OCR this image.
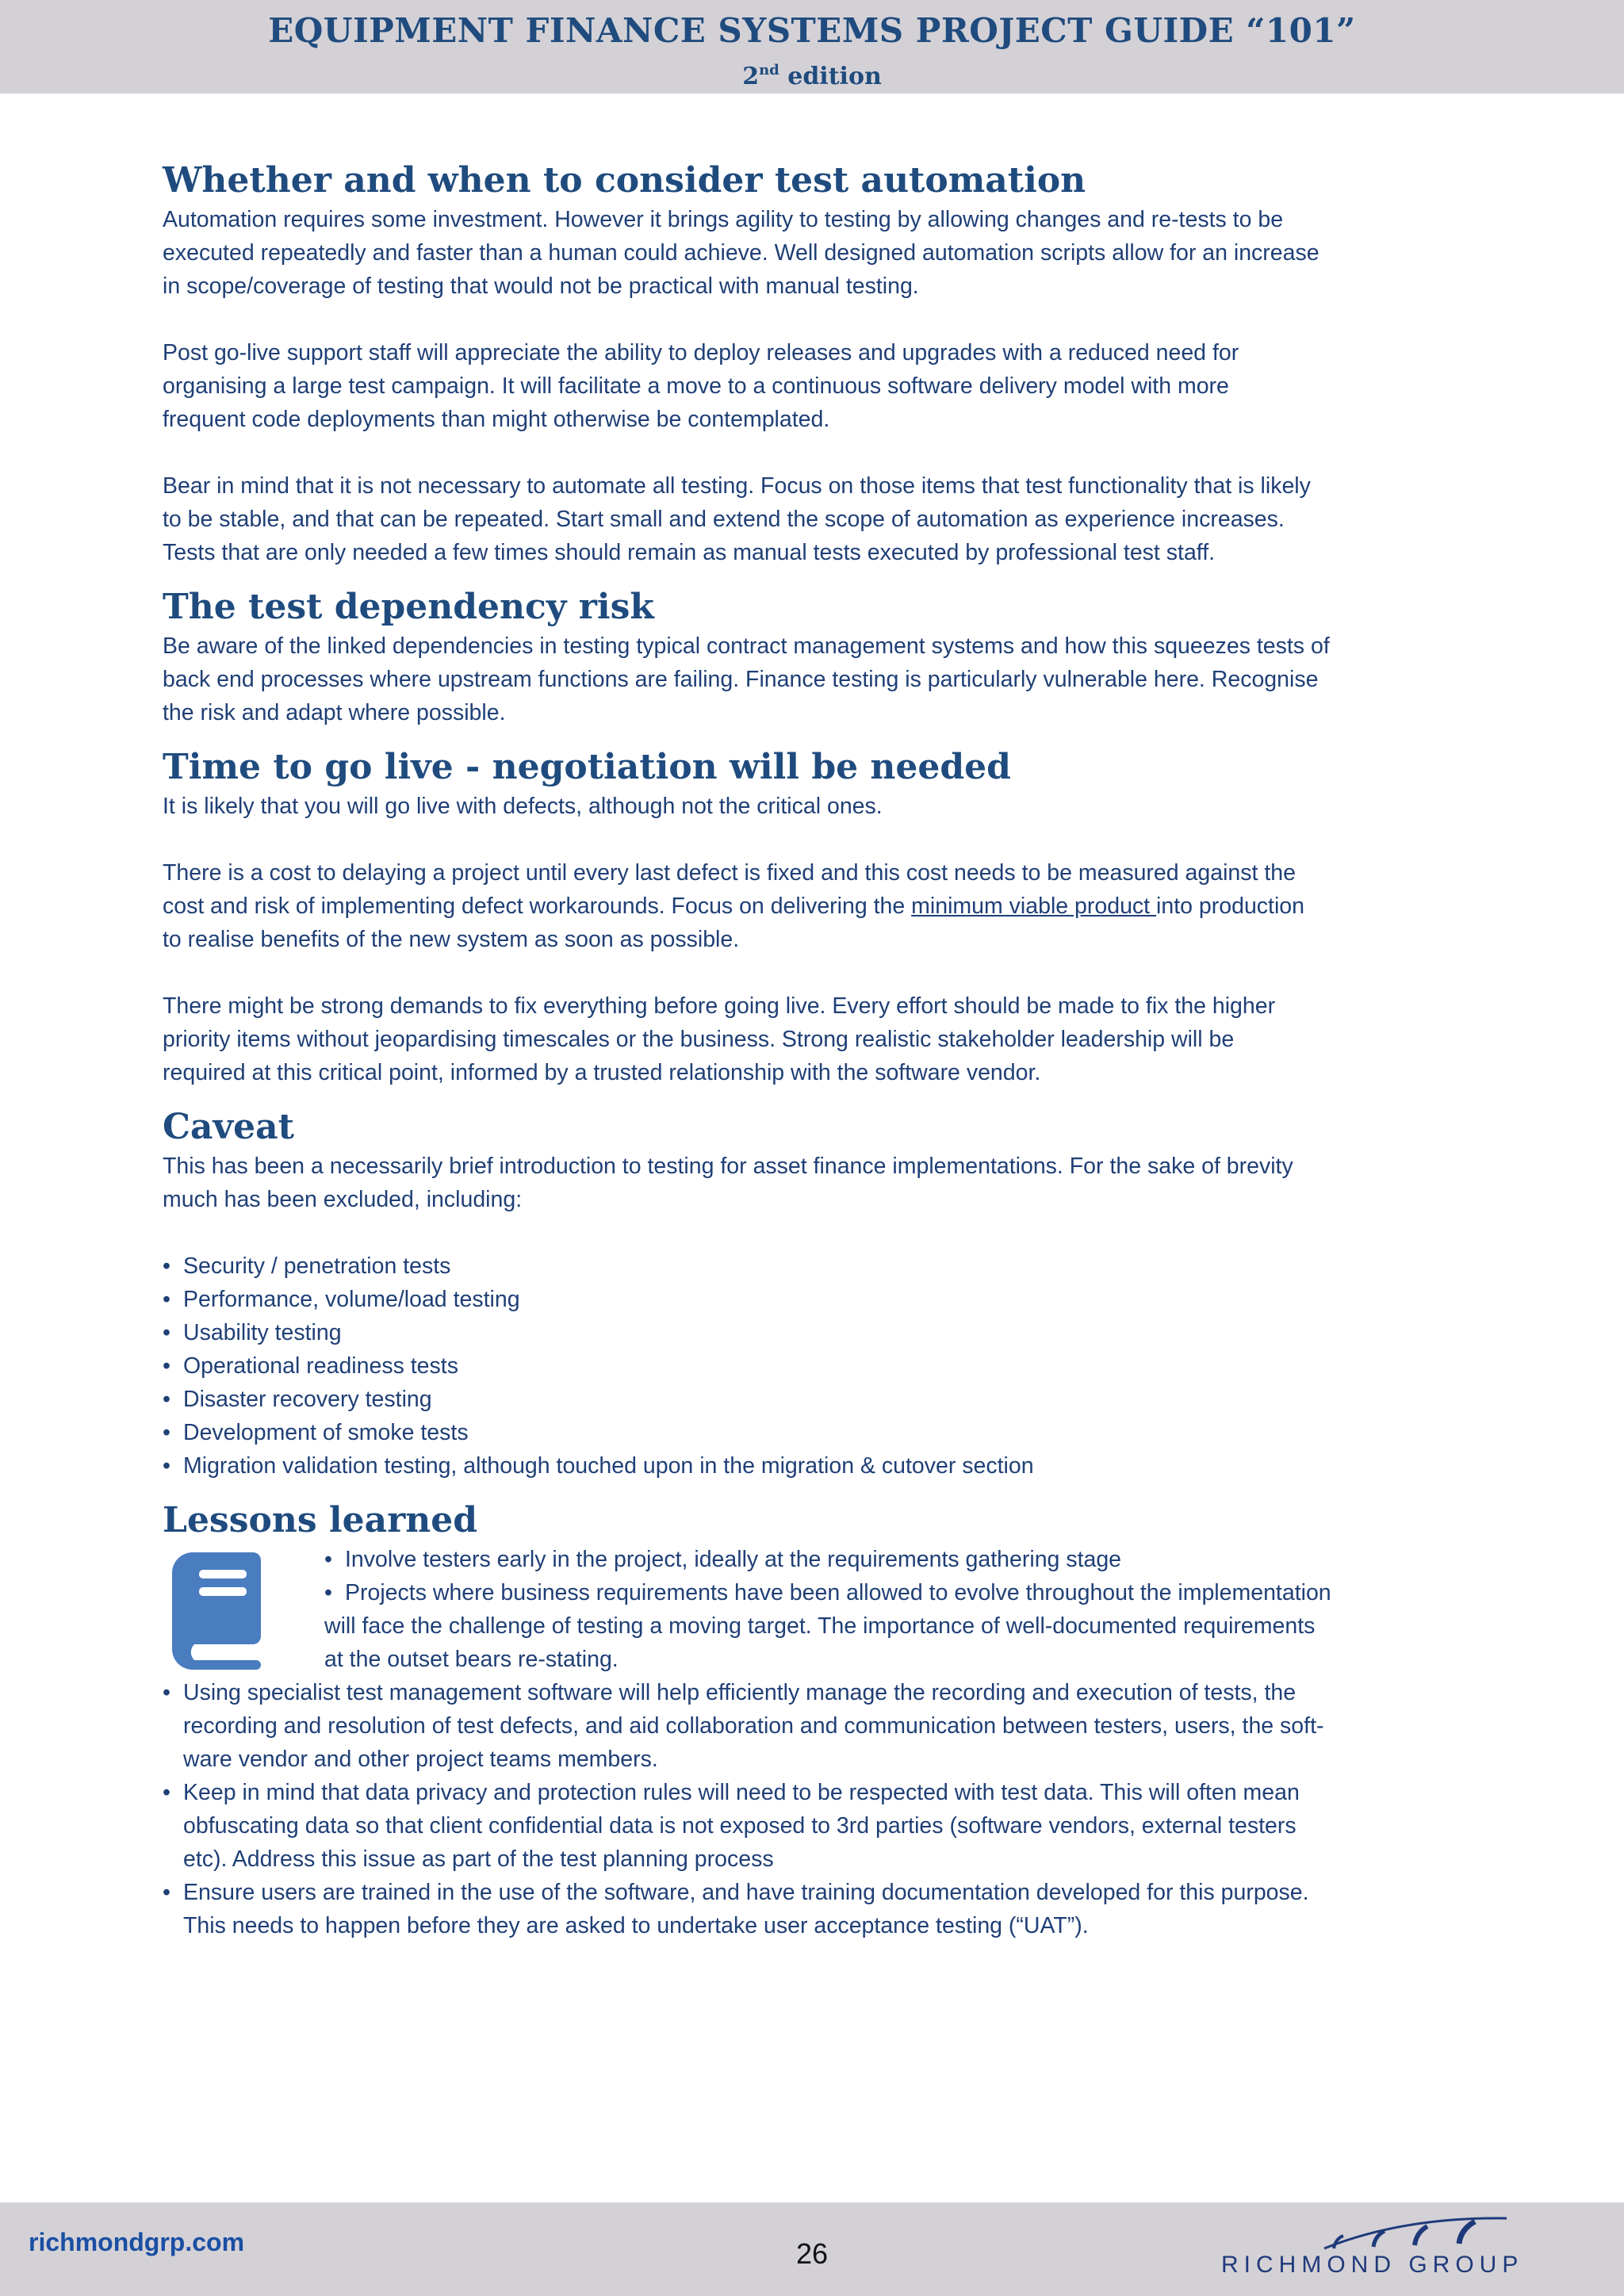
EQUIPMENT FINANCE SYSTEMS PROJECT GUIDE “101”
2nd edition
Whether and when to consider test automation

Automation requires some investment. However it brings agility to testing by allowing changes and re-tests to be
executed repeatedly and faster than a human could achieve. Well designed automation scripts allow for an increase
in scope/coverage of testing that would not be practical with manual testing.

Post go-live support staff will appreciate the ability to deploy releases and upgrades with a reduced need for
organising a large test campaign. It will facilitate a move to a continuous software delivery model with more
frequent code deployments than might otherwise be contemplated.

Bear in mind that it is not necessary to automate all testing. Focus on those items that test functionality that is likely
to be stable, and that can be repeated. Start small and extend the scope of automation as experience increases.
Tests that are only needed a few times should remain as manual tests executed by professional test staff.

The test dependency risk

Be aware of the linked dependencies in testing typical contract management systems and how this squeezes tests of
back end processes where upstream functions are failing. Finance testing is particularly vulnerable here. Recognise
the risk and adapt where possible.

Time to go live - negotiation will be needed

It is likely that you will go live with defects, although not the critical ones.

There is a cost to delaying a project until every last defect is fixed and this cost needs to be measured against the
cost and risk of implementing defect workarounds. Focus on delivering the minimum viable product into production
to realise benefits of the new system as soon as possible.

There might be strong demands to fix everything before going live. Every effort should be made to fix the higher
priority items without jeopardising timescales or the business. Strong realistic stakeholder leadership will be
required at this critical point, informed by a trusted relationship with the software vendor.

Caveat

This has been a necessarily brief introduction to testing for asset finance implementations. For the sake of brevity
much has been excluded, including:

• Security / penetration tests
• Performance, volume/load testing
• Usability testing
• Operational readiness tests
• Disaster recovery testing
• Development of smoke tests
• Migration validation testing, although touched upon in the migration & cutover section
Lessons learned
• Involve testers early in the project, ideally at the requirements gathering stage
• Projects where business requirements have been allowed to evolve throughout the implementation
will face the challenge of testing a moving target. The importance of well-documented requirements
at the outset bears re-stating.
• Using specialist test management software will help efficiently manage the recording and execution of tests, the
recording and resolution of test defects, and aid collaboration and communication between testers, users, the soft-
ware vendor and other project teams members.
• Keep in mind that data privacy and protection rules will need to be respected with test data. This will often mean
obfuscating data so that client confidential data is not exposed to 3rd parties (software vendors, external testers
etc). Address this issue as part of the test planning process
• Ensure users are trained in the use of the software, and have training documentation developed for this purpose.
This needs to happen before they are asked to undertake user acceptance testing (“UAT”).
richmondgrp.com	26	RICHMOND GROUP
